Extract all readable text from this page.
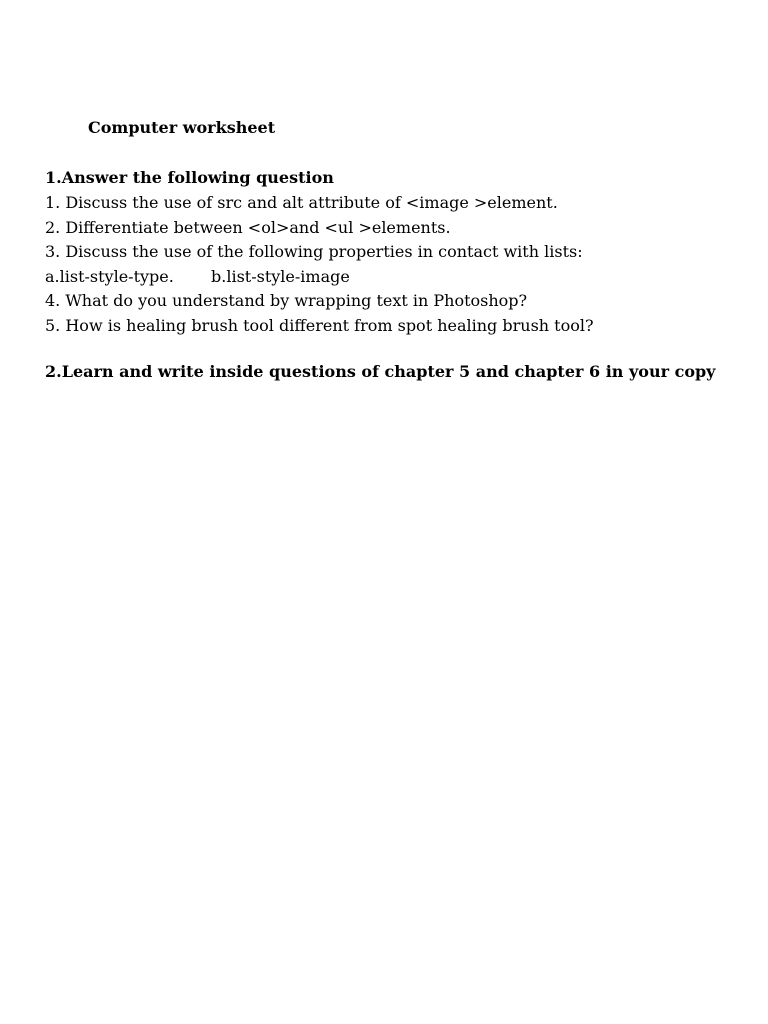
Computer worksheet

1.Answer the following question

1. Discuss the use of src and alt attribute of <image >element.
2. Differentiate between <ol>and <ul >elements.
3. Discuss the use of the following properties in contact with lists:
a.list-style-type. b.list-style-image
4. What do you understand by wrapping text in Photoshop?
5. How is healing brush tool different from spot healing brush tool?

2.Learn and write inside questions of chapter 5 and chapter 6 in your copy
